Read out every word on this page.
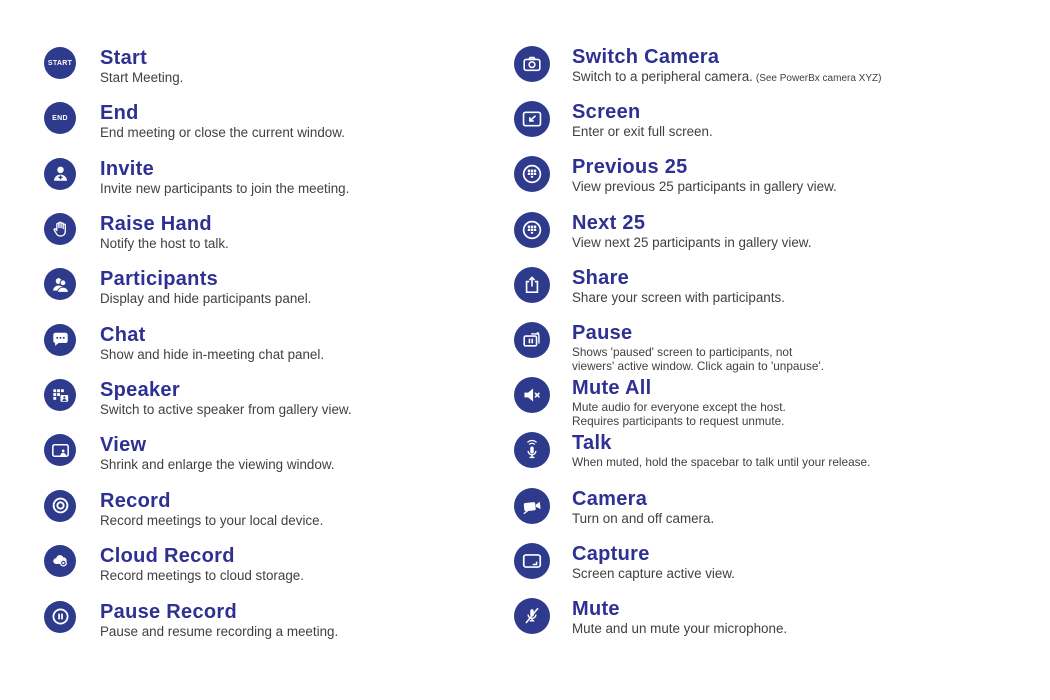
START Start
Start Meeting.
END End
End meeting or close the current window.
Invite
Invite new participants to join the meeting.
Raise Hand
Notify the host to talk.
Participants
Display and hide participants panel.
Chat
Show and hide in-meeting chat panel.
Speaker
Switch to active speaker from gallery view.
View
Shrink and enlarge the viewing window.
Record
Record meetings to your local device.
Cloud Record
Record meetings to cloud storage.
Pause Record
Pause and resume recording a meeting.
Switch Camera
Switch to a peripheral camera. (See PowerBx camera XYZ)
Screen
Enter or exit full screen.
Previous 25
View previous 25 participants in gallery view.
Next 25
View next 25 participants in gallery view.
Share
Share your screen with participants.
Pause
Shows 'paused' screen to participants, not
viewers' active window. Click again to 'unpause'.
Mute All
Mute audio for everyone except the host.
Requires participants to request unmute.
Talk
When muted, hold the spacebar to talk until your release.
Camera
Turn on and off camera.
Capture
Screen capture active view.
Mute
Mute and un mute your microphone.
